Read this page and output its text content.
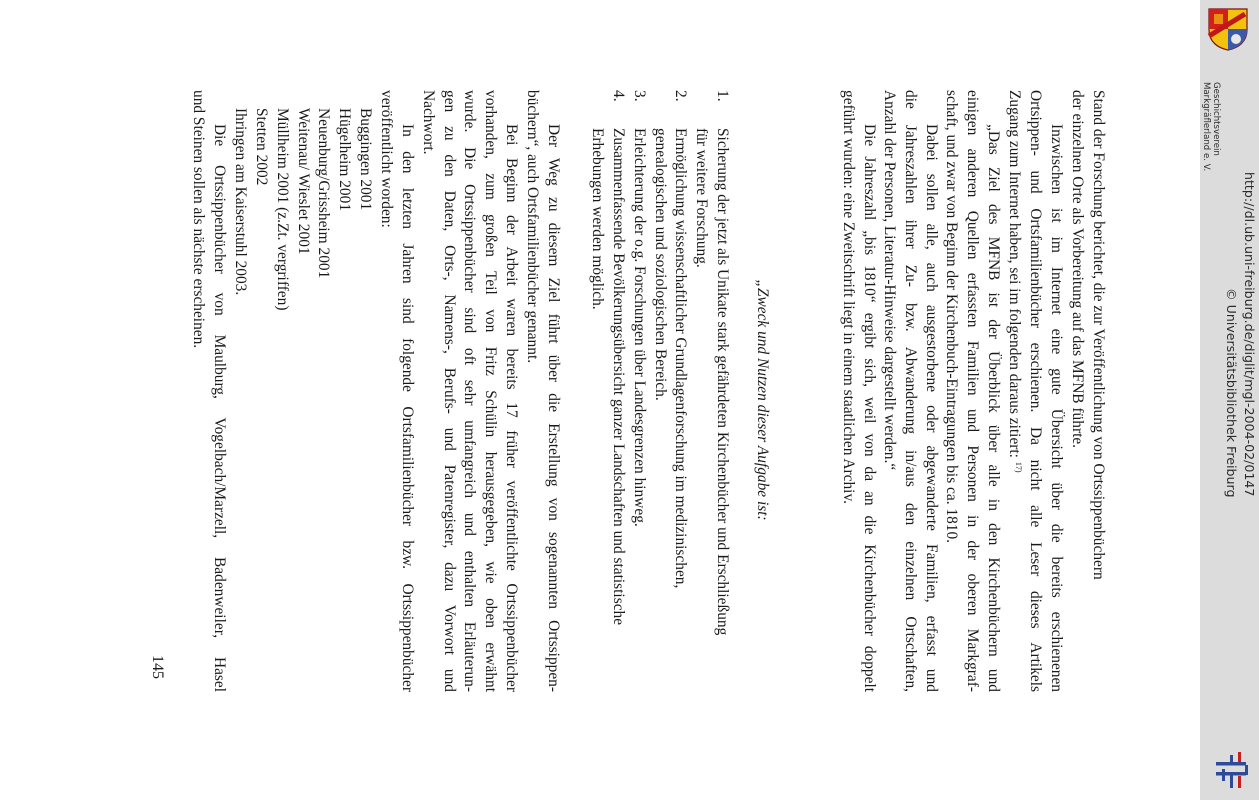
Stand der Forschung berichtet, die zur Veröffentlichung von Ortssippenbüchern
der einzelnen Orte als Vorbereitung auf das MFNB führte.
Inzwischen ist im Internet eine gute Übersicht über die bereits erschienenen
Ortsippen- und Ortsfamilienbücher erschienen. Da nicht alle Leser dieses Artikels
Zugang zum Internet haben, sei im folgenden daraus zitiert: $^{17)}$
„Das Ziel des MFNB ist der Überblick über alle in den Kirchenbüchern und
einigen anderen Quellen erfassten Familien und Personen in der oberen Markgraf-
schaft, und zwar von Beginn der Kirchenbuch-Eintragungen bis ca. 1810.
Dabei sollen alle, auch ausgestorbene oder abgewanderte Familien, erfasst und
die Jahreszahlen ihrer Zu- bzw. Abwanderung in/aus den einzelnen Ortschaften,
Anzahl der Personen, Literatur-Hinweise dargestellt werden.“
Die Jahreszahl „bis 1810“ ergibt sich, weil von da an die Kirchenbücher doppelt
geführt wurden: eine Zweitschrift liegt in einem staatlichen Archiv.
„Zweck und Nutzen dieser Aufgabe ist:
1.
Sicherung der jetzt als Unikate stark gefährdeten Kirchenbücher und Erschließung
für weitere Forschung.
2.
Ermöglichung wissenschaftlicher Grundlagenforschung im medizinischen,
genealogischen und soziologischen Bereich.
3.
Erleichterung der o.g. Forschungen über Landesgrenzen hinweg.
4.
Zusammenfassende Bevölkerungsübersicht ganzer Landschaften und statistische
Erhebungen werden möglich.
Der Weg zu diesem Ziel führt über die Erstellung von sogenannten Ortssippen-
büchern“, auch Ortsfamilienbücher genannt.
Bei Beginn der Arbeit waren bereits 17 früher veröffentlichte Ortssippenbücher
vorhanden, zum großen Teil von Fritz Schülin herausgegeben, wie oben erwähnt
wurde. Die Ortssippenbücher sind oft sehr umfangreich und enthalten Erläuterun-
gen zu den Daten, Orts-, Namens-, Berufs- und Patenregister, dazu Vorwort und
Nachwort.
In den letzten Jahren sind folgende Ortsfamilienbücher bzw. Ortssippenbücher
veröffentlicht worden:
Buggingen 2001
Hügelheim 2001
Neuenburg/Grissheim 2001
Weitenau/ Wieslet 2001
Müllheim 2001 (z.Zt. vergriffen)
Stetten 2002
Ihringen am Kaiserstuhl 2003.
Die Ortssippenbücher von Maulburg, Vogelbach/Marzell, Badenweiler, Hasel
und Steinen sollen als nächste erscheinen.
145
Geschichtsverein
Markgräflerland e. V.
http://dl.ub.uni-freiburg.de/diglit/mgl-2004-02/0147
© Universitätsbibliothek Freiburg
